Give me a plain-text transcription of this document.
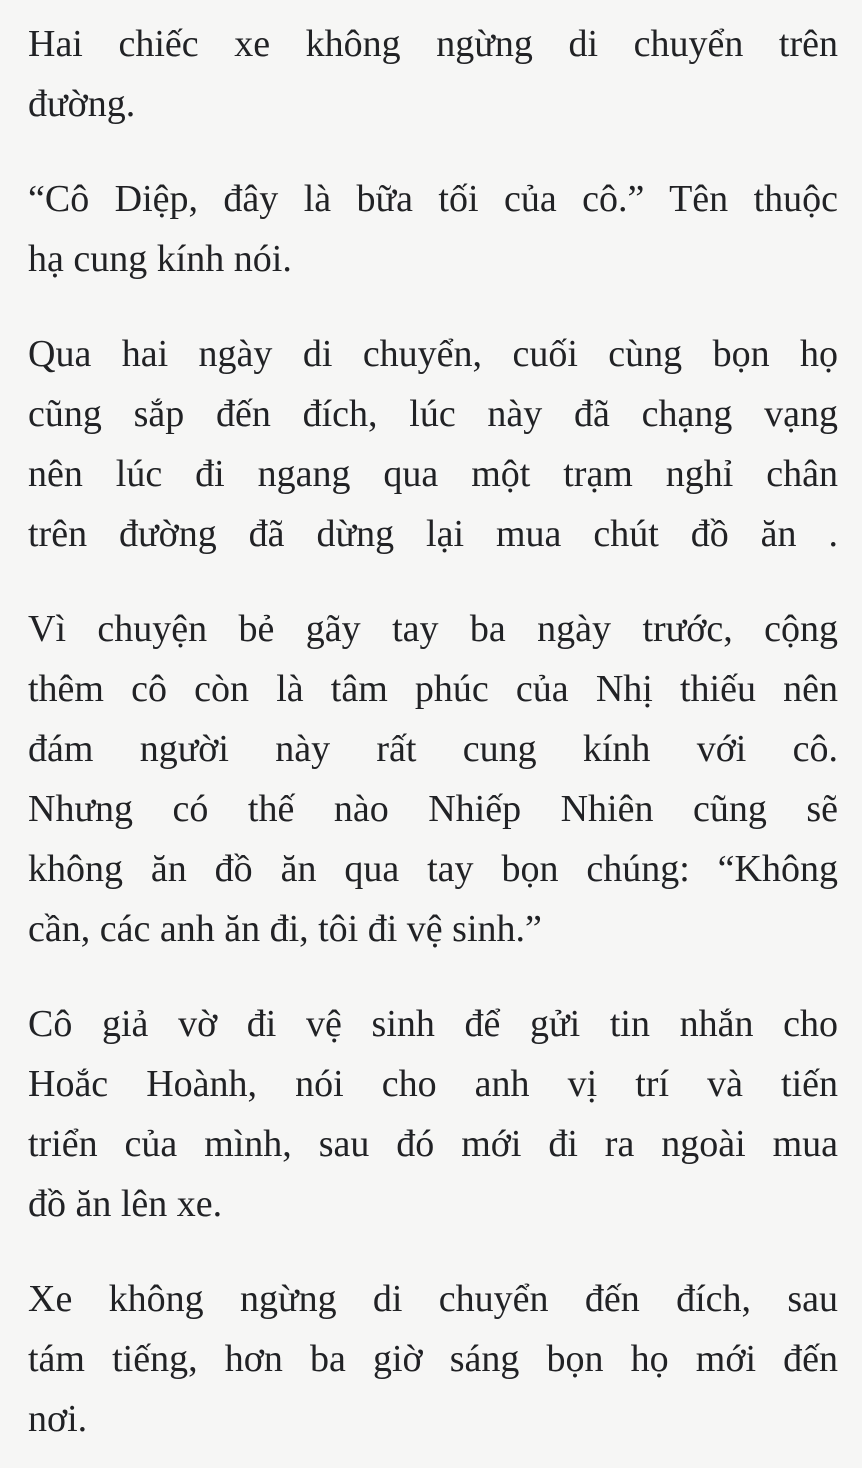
Hai chiếc xe không ngừng di chuyển trên
đường.

“Cô Diệp, đây là bữa tối của cô.” Tên thuộc
hạ cung kính nói.

Qua hai ngày di chuyển, cuối cùng bọn họ
cũng sắp đến đích, lúc này đã chạng vạng
nên lúc đi ngang qua một trạm nghỉ chân
trên đường đã dừng lại mua chút đồ ăn .

Vì chuyện bẻ gãy tay ba ngày trước, cộng
thêm cô còn là tâm phúc của Nhị thiếu nên
đám người này rất cung kính với cô.
Nhưng có thế nào Nhiếp Nhiên cũng sẽ
không ăn đồ ăn qua tay bọn chúng: “Không
cần, các anh ăn đi, tôi đi vệ sinh.”

Cô giả vờ đi vệ sinh để gửi tin nhắn cho
Hoắc Hoành, nói cho anh vị trí và tiến
triển của mình, sau đó mới đi ra ngoài mua
đồ ăn lên xe.

Xe không ngừng di chuyển đến đích, sau
tám tiếng, hơn ba giờ sáng bọn họ mới đến
nơi.
